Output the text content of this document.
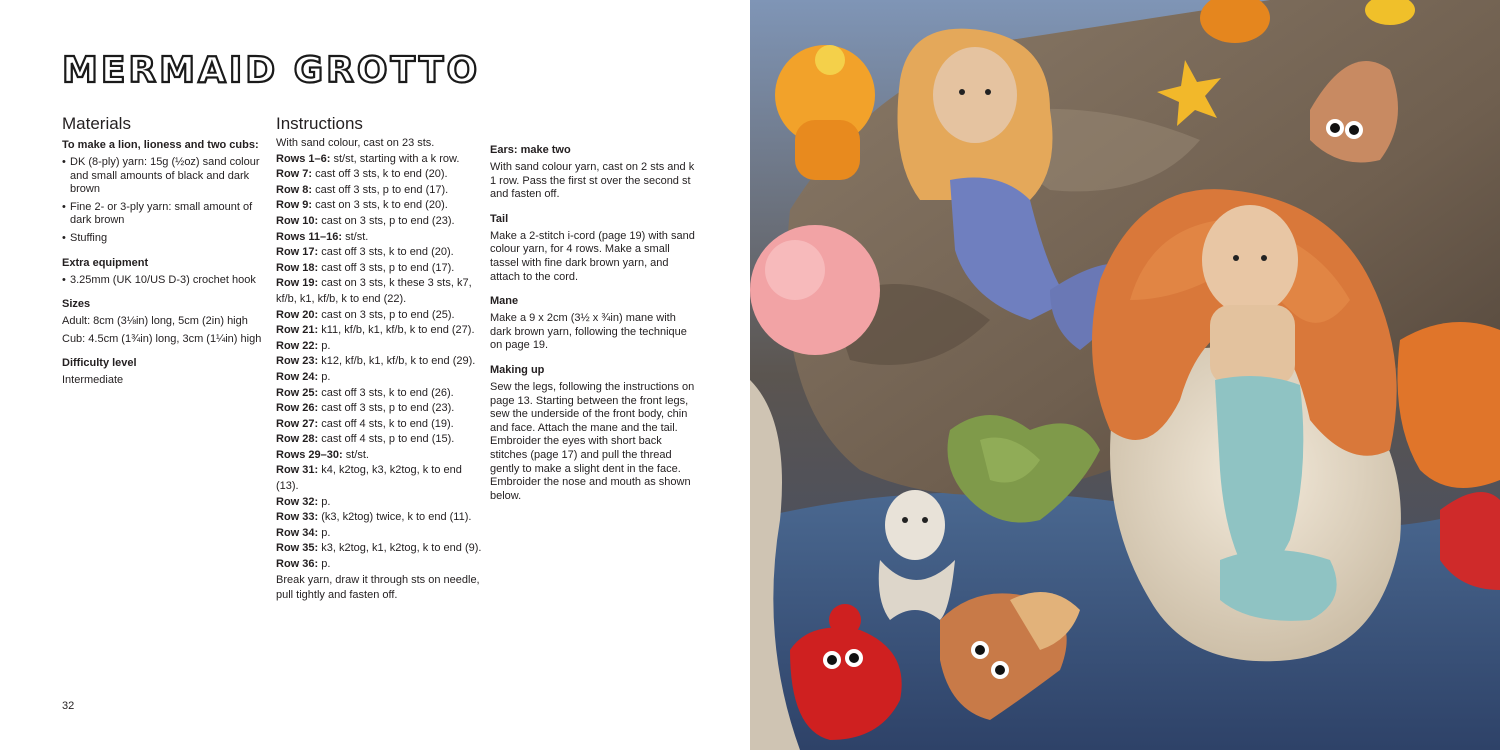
MERMAID GROTTO
Materials
To make a lion, lioness and two cubs:
• DK (8-ply) yarn: 15g (½oz) sand colour and small amounts of black and dark brown
• Fine 2- or 3-ply yarn: small amount of dark brown
• Stuffing
Extra equipment
• 3.25mm (UK 10/US D-3) crochet hook
Sizes
Adult: 8cm (3⅛in) long, 5cm (2in) high
Cub: 4.5cm (1¾in) long, 3cm (1¼in) high
Difficulty level
Intermediate
Instructions
With sand colour, cast on 23 sts.
Rows 1–6: st/st, starting with a k row.
Row 7: cast off 3 sts, k to end (20).
Row 8: cast off 3 sts, p to end (17).
Row 9: cast on 3 sts, k to end (20).
Row 10: cast on 3 sts, p to end (23).
Rows 11–16: st/st.
Row 17: cast off 3 sts, k to end (20).
Row 18: cast off 3 sts, p to end (17).
Row 19: cast on 3 sts, k these 3 sts, k7, kf/b, k1, kf/b, k to end (22).
Row 20: cast on 3 sts, p to end (25).
Row 21: k11, kf/b, k1, kf/b, k to end (27).
Row 22: p.
Row 23: k12, kf/b, k1, kf/b, k to end (29).
Row 24: p.
Row 25: cast off 3 sts, k to end (26).
Row 26: cast off 3 sts, p to end (23).
Row 27: cast off 4 sts, k to end (19).
Row 28: cast off 4 sts, p to end (15).
Rows 29–30: st/st.
Row 31: k4, k2tog, k3, k2tog, k to end (13).
Row 32: p.
Row 33: (k3, k2tog) twice, k to end (11).
Row 34: p.
Row 35: k3, k2tog, k1, k2tog, k to end (9).
Row 36: p.
Break yarn, draw it through sts on needle, pull tightly and fasten off.
Ears: make two
With sand colour yarn, cast on 2 sts and k 1 row. Pass the first st over the second st and fasten off.
Tail
Make a 2-stitch i-cord (page 19) with sand colour yarn, for 4 rows. Make a small tassel with fine dark brown yarn, and attach to the cord.
Mane
Make a 9 x 2cm (3½ x ¾in) mane with dark brown yarn, following the technique on page 19.
Making up
Sew the legs, following the instructions on page 13. Starting between the front legs, sew the underside of the front body, chin and face. Attach the mane and the tail. Embroider the eyes with short back stitches (page 17) and pull the thread gently to make a slight dent in the face. Embroider the nose and mouth as shown below.
32
